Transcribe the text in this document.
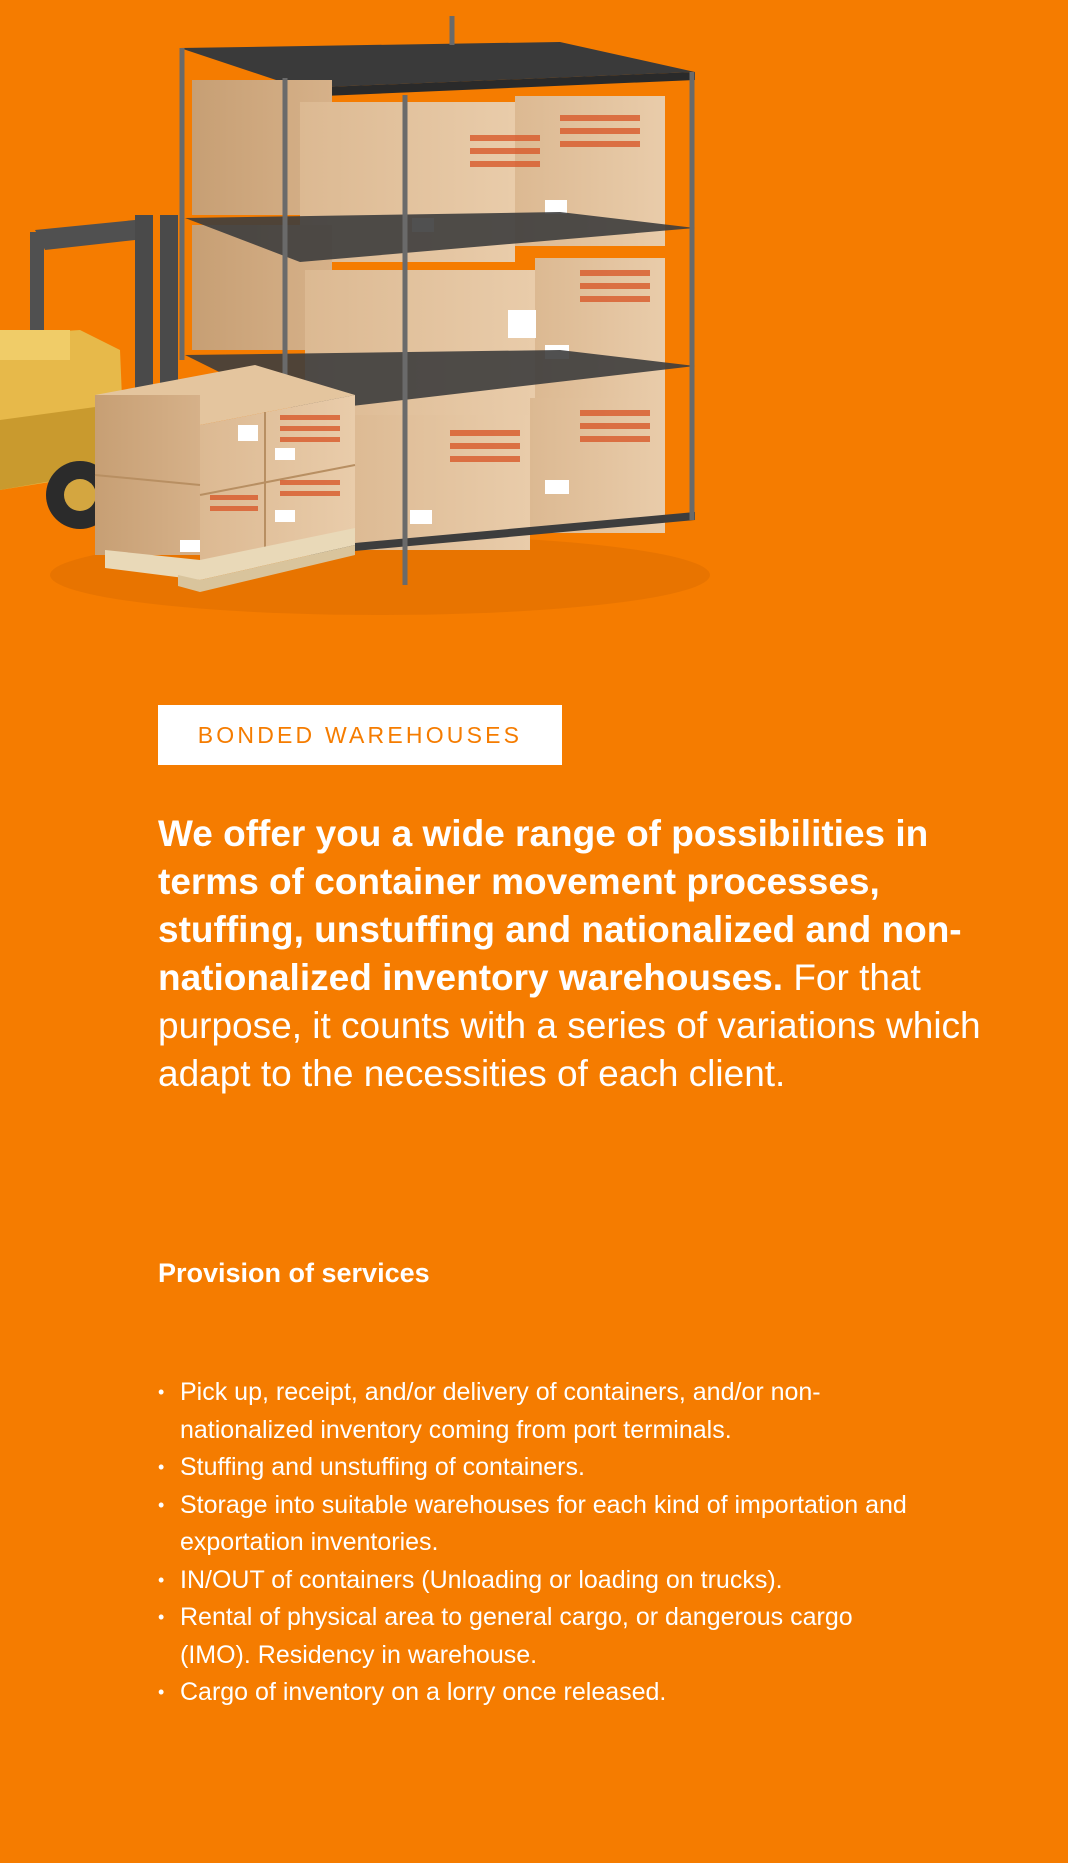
BONDED WAREHOUSES

We offer you a wide range of possibilities in terms of container movement processes, stuffing, unstuffing and nationalized and non-nationalized inventory warehouses. For that purpose, it counts with a series of variations which adapt to the necessities of each client.

Provision of services
• Pick up, receipt, and/or delivery of containers, and/or non-nationalized inventory coming from port terminals.
• Stuffing and unstuffing of containers.
• Storage into suitable warehouses for each kind of importation and exportation inventories.
• IN/OUT of containers (Unloading or loading on trucks).
• Rental of physical area to general cargo, or dangerous cargo (IMO). Residency in warehouse.
• Cargo of inventory on a lorry once released.
